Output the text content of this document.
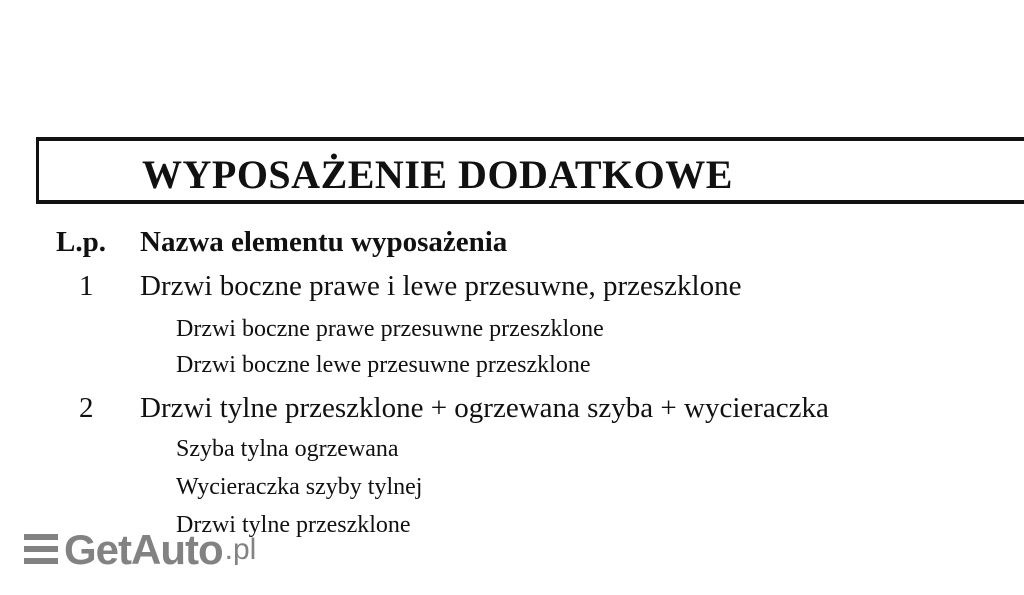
WYPOSAŻENIE DODATKOWE
L.p. Nazwa elementu wyposażenia
1 Drzwi boczne prawe i lewe przesuwne, przeszklone
Drzwi boczne prawe przesuwne przeszklone
Drzwi boczne lewe przesuwne przeszklone
2 Drzwi tylne przeszklone + ogrzewana szyba + wycieraczka
Szyba tylna ogrzewana
Wycieraczka szyby tylnej
Drzwi tylne przeszklone
GetAuto .pl
